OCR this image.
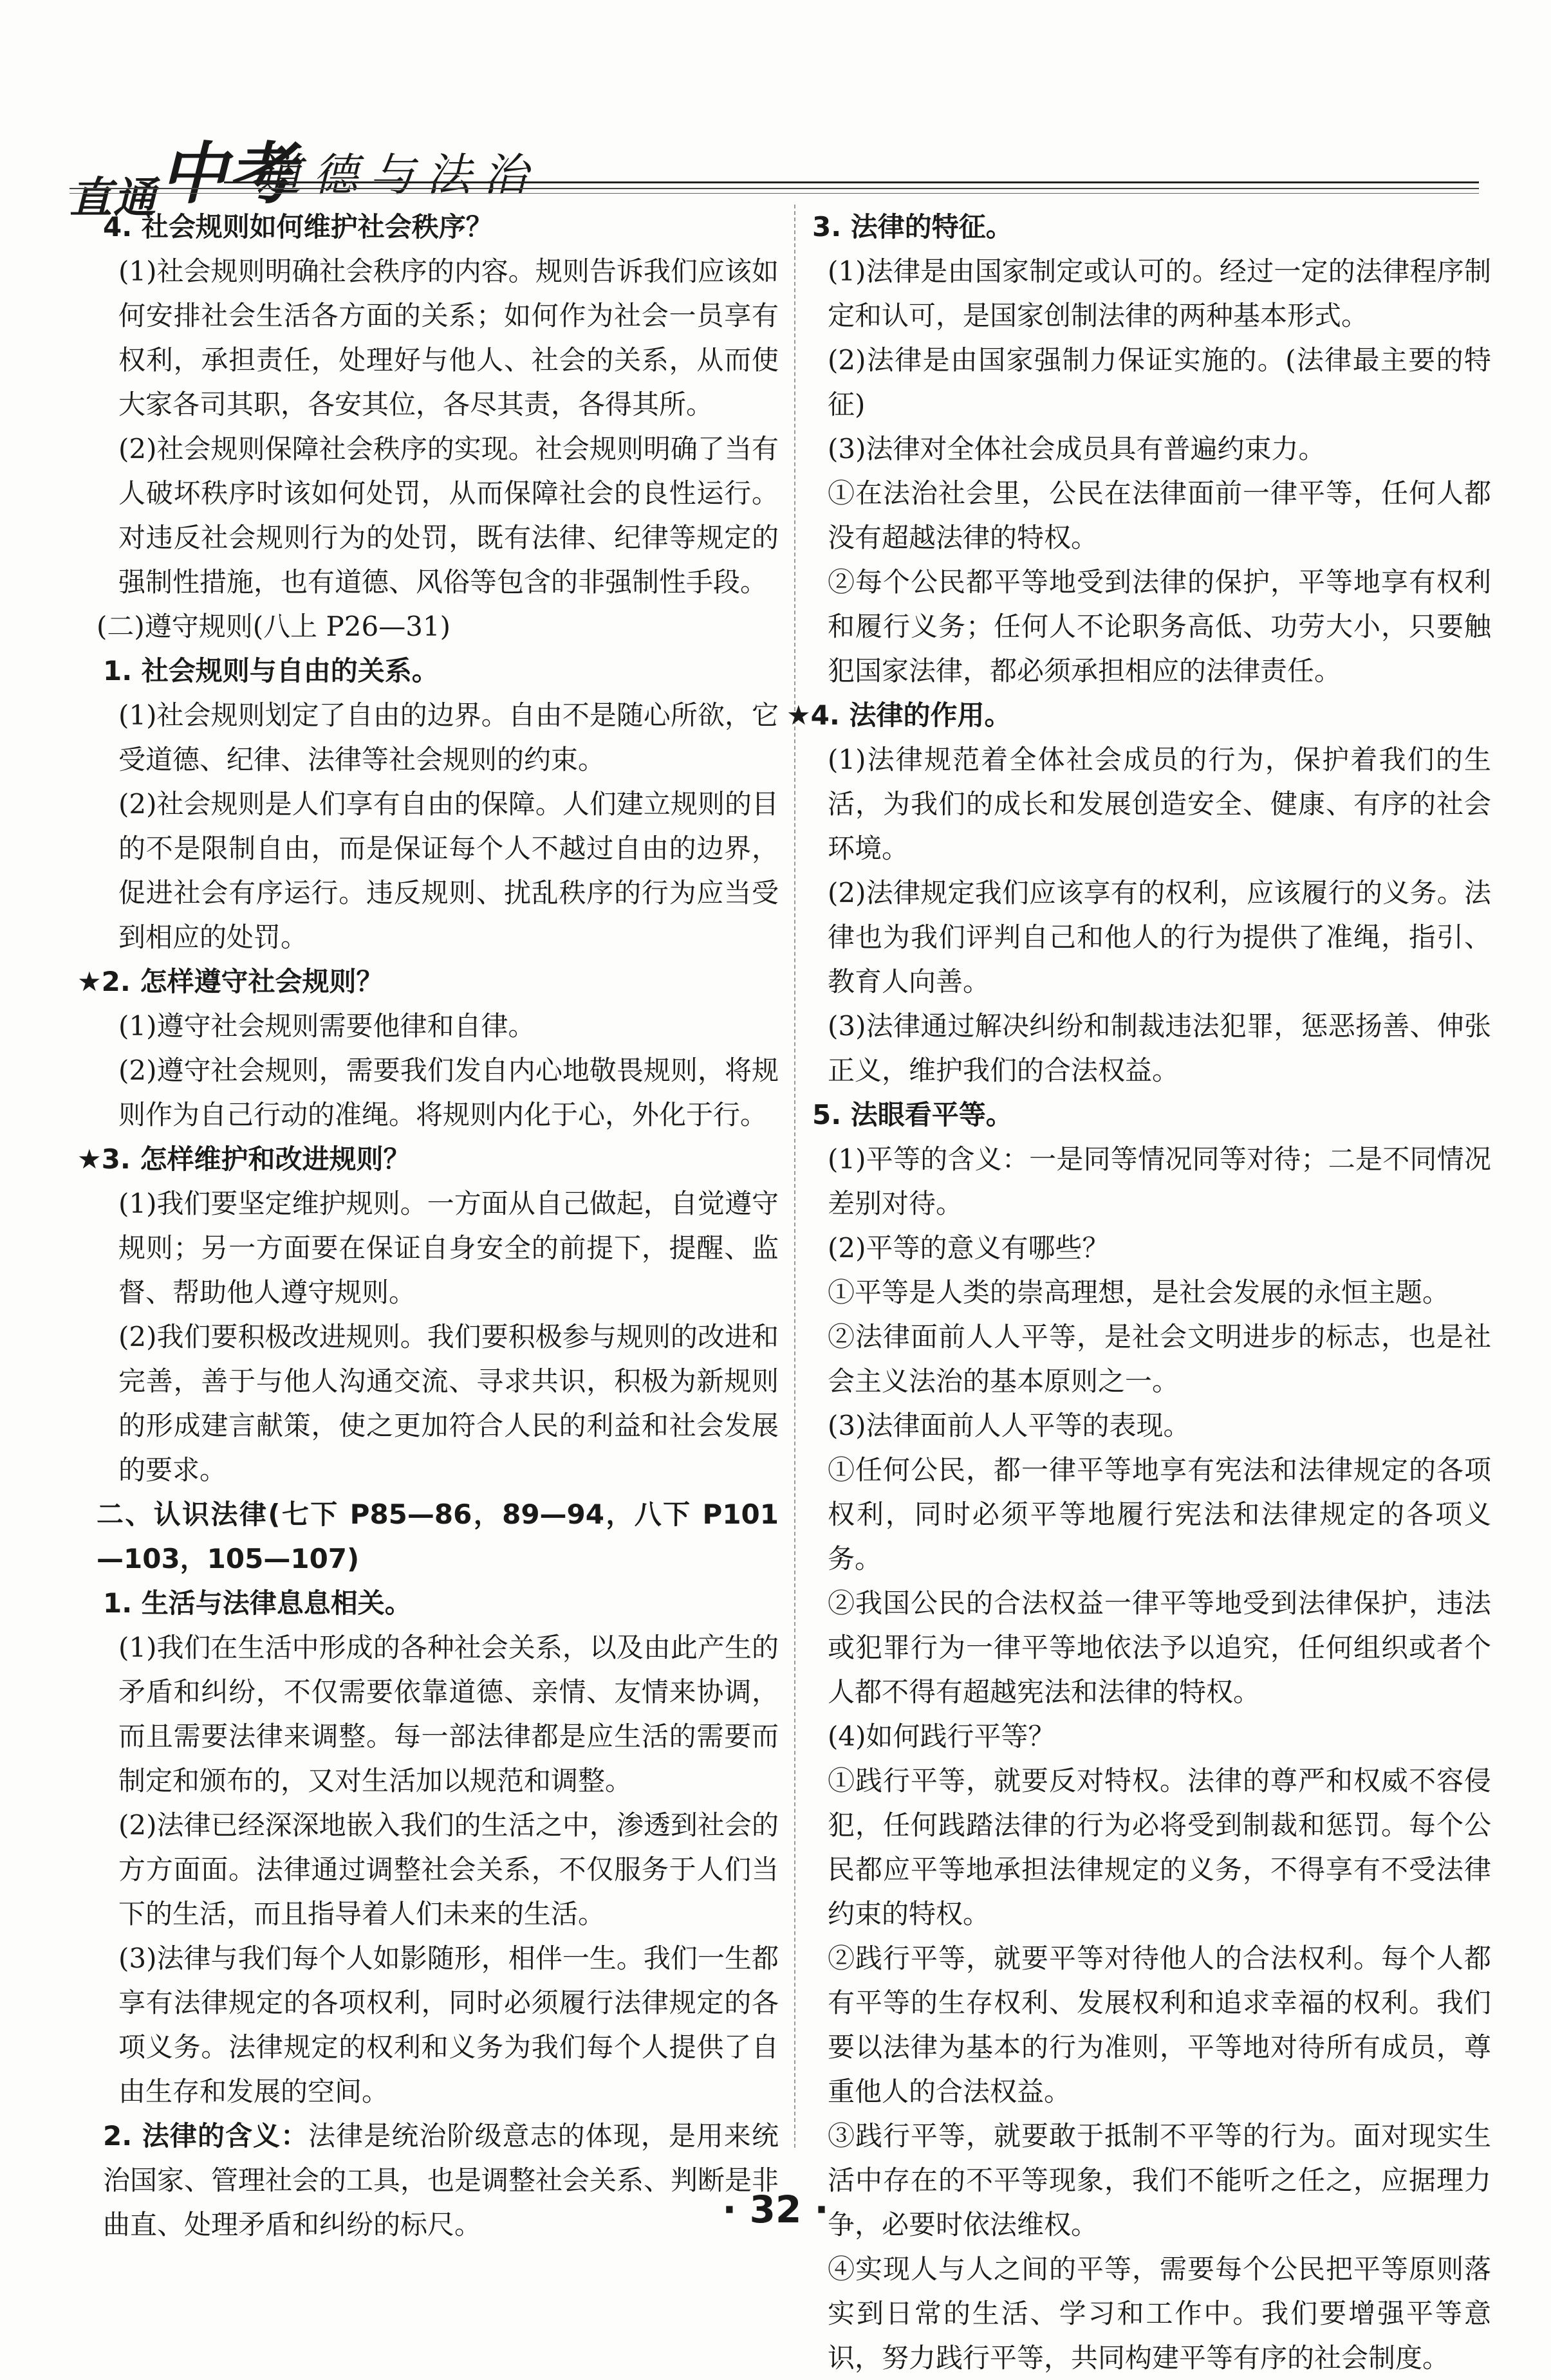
直通中考
道德与法治

4. 社会规则如何维护社会秩序？

(1)社会规则明确社会秩序的内容。规则告诉我们应该如何安排社会生活各方面的关系；如何作为社会一员享有权利，承担责任，处理好与他人、社会的关系，从而使大家各司其职，各安其位，各尽其责，各得其所。

(2)社会规则保障社会秩序的实现。社会规则明确了当有人破坏秩序时该如何处罚，从而保障社会的良性运行。对违反社会规则行为的处罚，既有法律、纪律等规定的强制性措施，也有道德、风俗等包含的非强制性手段。

(二)遵守规则(八上 P26—31)

1. 社会规则与自由的关系。

(1)社会规则划定了自由的边界。自由不是随心所欲，它受道德、纪律、法律等社会规则的约束。

(2)社会规则是人们享有自由的保障。人们建立规则的目的不是限制自由，而是保证每个人不越过自由的边界，促进社会有序运行。违反规则、扰乱秩序的行为应当受到相应的处罚。

★2. 怎样遵守社会规则？

(1)遵守社会规则需要他律和自律。

(2)遵守社会规则，需要我们发自内心地敬畏规则，将规则作为自己行动的准绳。将规则内化于心，外化于行。

★3. 怎样维护和改进规则？

(1)我们要坚定维护规则。一方面从自己做起，自觉遵守规则；另一方面要在保证自身安全的前提下，提醒、监督、帮助他人遵守规则。

(2)我们要积极改进规则。我们要积极参与规则的改进和完善，善于与他人沟通交流、寻求共识，积极为新规则的形成建言献策，使之更加符合人民的利益和社会发展的要求。

二、认识法律(七下 P85—86，89—94，八下 P101—103，105—107)

1. 生活与法律息息相关。

(1)我们在生活中形成的各种社会关系，以及由此产生的矛盾和纠纷，不仅需要依靠道德、亲情、友情来协调，而且需要法律来调整。每一部法律都是应生活的需要而制定和颁布的，又对生活加以规范和调整。

(2)法律已经深深地嵌入我们的生活之中，渗透到社会的方方面面。法律通过调整社会关系，不仅服务于人们当下的生活，而且指导着人们未来的生活。

(3)法律与我们每个人如影随形，相伴一生。我们一生都享有法律规定的各项权利，同时必须履行法律规定的各项义务。法律规定的权利和义务为我们每个人提供了自由生存和发展的空间。

2. 法律的含义：法律是统治阶级意志的体现，是用来统治国家、管理社会的工具，也是调整社会关系、判断是非曲直、处理矛盾和纠纷的标尺。

3. 法律的特征。

(1)法律是由国家制定或认可的。经过一定的法律程序制定和认可，是国家创制法律的两种基本形式。

(2)法律是由国家强制力保证实施的。(法律最主要的特征)

(3)法律对全体社会成员具有普遍约束力。

①在法治社会里，公民在法律面前一律平等，任何人都没有超越法律的特权。

②每个公民都平等地受到法律的保护，平等地享有权利和履行义务；任何人不论职务高低、功劳大小，只要触犯国家法律，都必须承担相应的法律责任。

★4. 法律的作用。

(1)法律规范着全体社会成员的行为，保护着我们的生活，为我们的成长和发展创造安全、健康、有序的社会环境。

(2)法律规定我们应该享有的权利，应该履行的义务。法律也为我们评判自己和他人的行为提供了准绳，指引、教育人向善。

(3)法律通过解决纠纷和制裁违法犯罪，惩恶扬善、伸张正义，维护我们的合法权益。

5. 法眼看平等。

(1)平等的含义：一是同等情况同等对待；二是不同情况差别对待。

(2)平等的意义有哪些？

①平等是人类的崇高理想，是社会发展的永恒主题。

②法律面前人人平等，是社会文明进步的标志，也是社会主义法治的基本原则之一。

(3)法律面前人人平等的表现。

①任何公民，都一律平等地享有宪法和法律规定的各项权利，同时必须平等地履行宪法和法律规定的各项义务。

②我国公民的合法权益一律平等地受到法律保护，违法或犯罪行为一律平等地依法予以追究，任何组织或者个人都不得有超越宪法和法律的特权。

(4)如何践行平等？

①践行平等，就要反对特权。法律的尊严和权威不容侵犯，任何践踏法律的行为必将受到制裁和惩罚。每个公民都应平等地承担法律规定的义务，不得享有不受法律约束的特权。

②践行平等，就要平等对待他人的合法权利。每个人都有平等的生存权利、发展权利和追求幸福的权利。我们要以法律为基本的行为准则，平等地对待所有成员，尊重他人的合法权益。

③践行平等，就要敢于抵制不平等的行为。面对现实生活中存在的不平等现象，我们不能听之任之，应据理力争，必要时依法维权。

④实现人与人之间的平等，需要每个公民把平等原则落实到日常的生活、学习和工作中。我们要增强平等意识，努力践行平等，共同构建平等有序的社会制度。

· 32 ·
